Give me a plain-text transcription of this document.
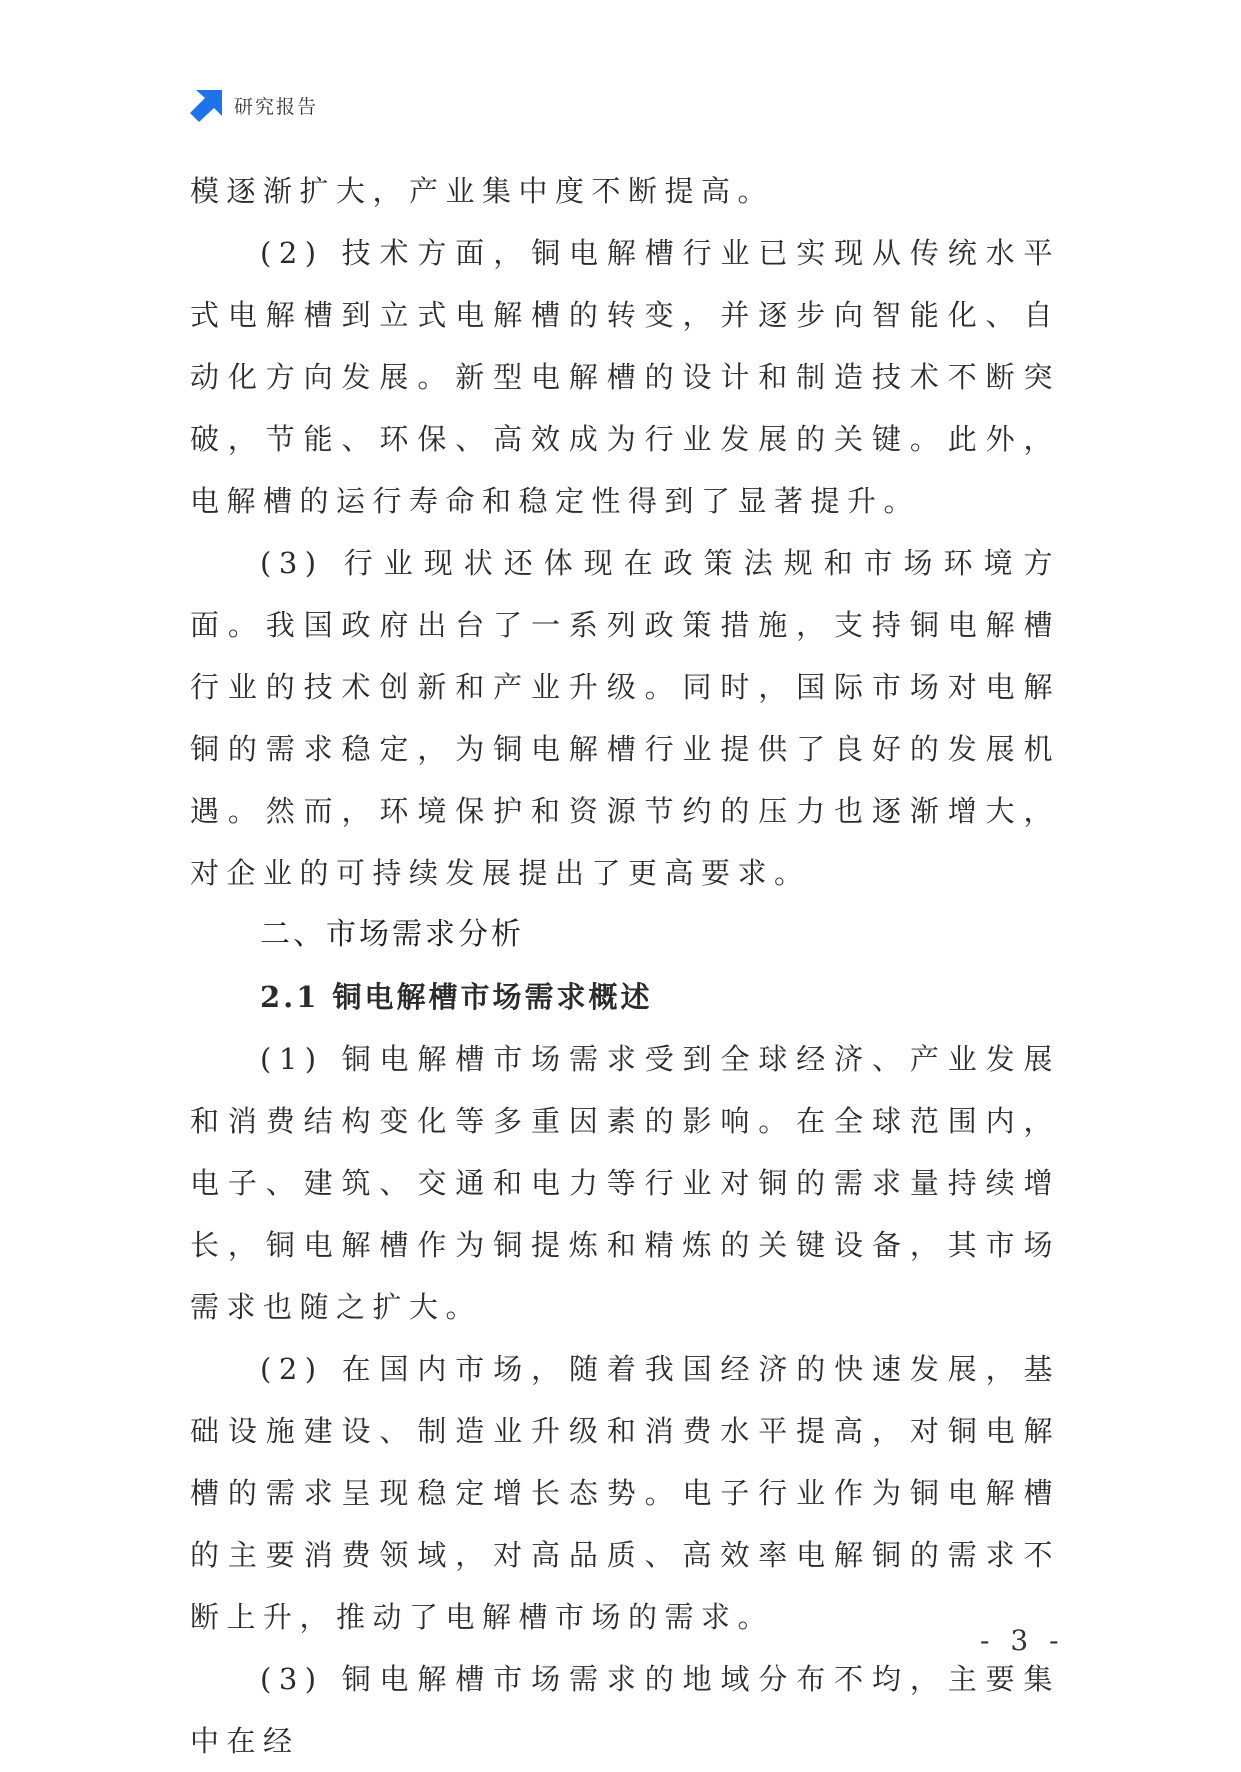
研究报告

模逐渐扩大，产业集中度不断提高。

(2) 技术方面，铜电解槽行业已实现从传统水平式电解槽到立式电解槽的转变，并逐步向智能化、自动化方向发展。新型电解槽的设计和制造技术不断突破，节能、环保、高效成为行业发展的关键。此外，电解槽的运行寿命和稳定性得到了显著提升。

(3) 行业现状还体现在政策法规和市场环境方面。我国政府出台了一系列政策措施，支持铜电解槽行业的技术创新和产业升级。同时，国际市场对电解铜的需求稳定，为铜电解槽行业提供了良好的发展机遇。然而，环境保护和资源节约的压力也逐渐增大，对企业的可持续发展提出了更高要求。

二、市场需求分析
2.1 铜电解槽市场需求概述

(1) 铜电解槽市场需求受到全球经济、产业发展和消费结构变化等多重因素的影响。在全球范围内，电子、建筑、交通和电力等行业对铜的需求量持续增长，铜电解槽作为铜提炼和精炼的关键设备，其市场需求也随之扩大。

(2) 在国内市场，随着我国经济的快速发展，基础设施建设、制造业升级和消费水平提高，对铜电解槽的需求呈现稳定增长态势。电子行业作为铜电解槽的主要消费领域，对高品质、高效率电解铜的需求不断上升，推动了电解槽市场的需求。

(3) 铜电解槽市场需求的地域分布不均，主要集中在经

- 3 -
